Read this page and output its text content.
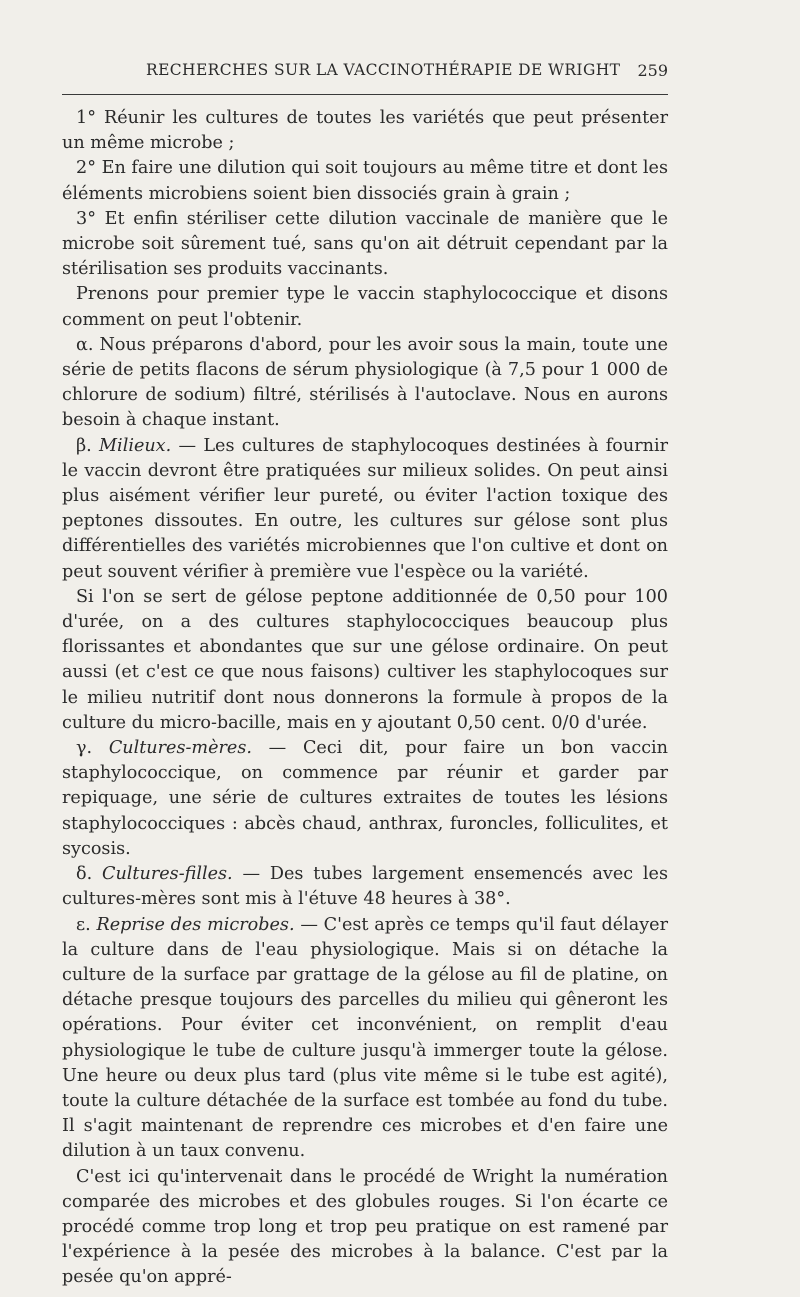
RECHERCHES SUR LA VACCINOTHÉRAPIE DE WRIGHT 259

1° Réunir les cultures de toutes les variétés que peut présenter un même microbe ;

2° En faire une dilution qui soit toujours au même titre et dont les éléments microbiens soient bien dissociés grain à grain ;

3° Et enfin stériliser cette dilution vaccinale de manière que le microbe soit sûrement tué, sans qu'on ait détruit cependant par la stérilisation ses produits vaccinants.

Prenons pour premier type le vaccin staphylococcique et disons comment on peut l'obtenir.

α. Nous préparons d'abord, pour les avoir sous la main, toute une série de petits flacons de sérum physiologique (à 7,5 pour 1 000 de chlorure de sodium) filtré, stérilisés à l'autoclave. Nous en aurons besoin à chaque instant.

β. Milieux. — Les cultures de staphylocoques destinées à fournir le vaccin devront être pratiquées sur milieux solides. On peut ainsi plus aisément vérifier leur pureté, ou éviter l'action toxique des peptones dissoutes. En outre, les cultures sur gélose sont plus différentielles des variétés microbiennes que l'on cultive et dont on peut souvent vérifier à première vue l'espèce ou la variété.

Si l'on se sert de gélose peptone additionnée de 0,50 pour 100 d'urée, on a des cultures staphylococciques beaucoup plus florissantes et abondantes que sur une gélose ordinaire. On peut aussi (et c'est ce que nous faisons) cultiver les staphylocoques sur le milieu nutritif dont nous donnerons la formule à propos de la culture du micro-bacille, mais en y ajoutant 0,50 cent. 0/0 d'urée.

γ. Cultures-mères. — Ceci dit, pour faire un bon vaccin staphylococcique, on commence par réunir et garder par repiquage, une série de cultures extraites de toutes les lésions staphylococciques : abcès chaud, anthrax, furoncles, folliculites, et sycosis.

δ. Cultures-filles. — Des tubes largement ensemencés avec les cultures-mères sont mis à l'étuve 48 heures à 38°.

ε. Reprise des microbes. — C'est après ce temps qu'il faut délayer la culture dans de l'eau physiologique. Mais si on détache la culture de la surface par grattage de la gélose au fil de platine, on détache presque toujours des parcelles du milieu qui gêneront les opérations. Pour éviter cet inconvénient, on remplit d'eau physiologique le tube de culture jusqu'à immerger toute la gélose. Une heure ou deux plus tard (plus vite même si le tube est agité), toute la culture détachée de la surface est tombée au fond du tube. Il s'agit maintenant de reprendre ces microbes et d'en faire une dilution à un taux convenu.

C'est ici qu'intervenait dans le procédé de Wright la numération comparée des microbes et des globules rouges. Si l'on écarte ce procédé comme trop long et trop peu pratique on est ramené par l'expérience à la pesée des microbes à la balance. C'est par la pesée qu'on appré-
